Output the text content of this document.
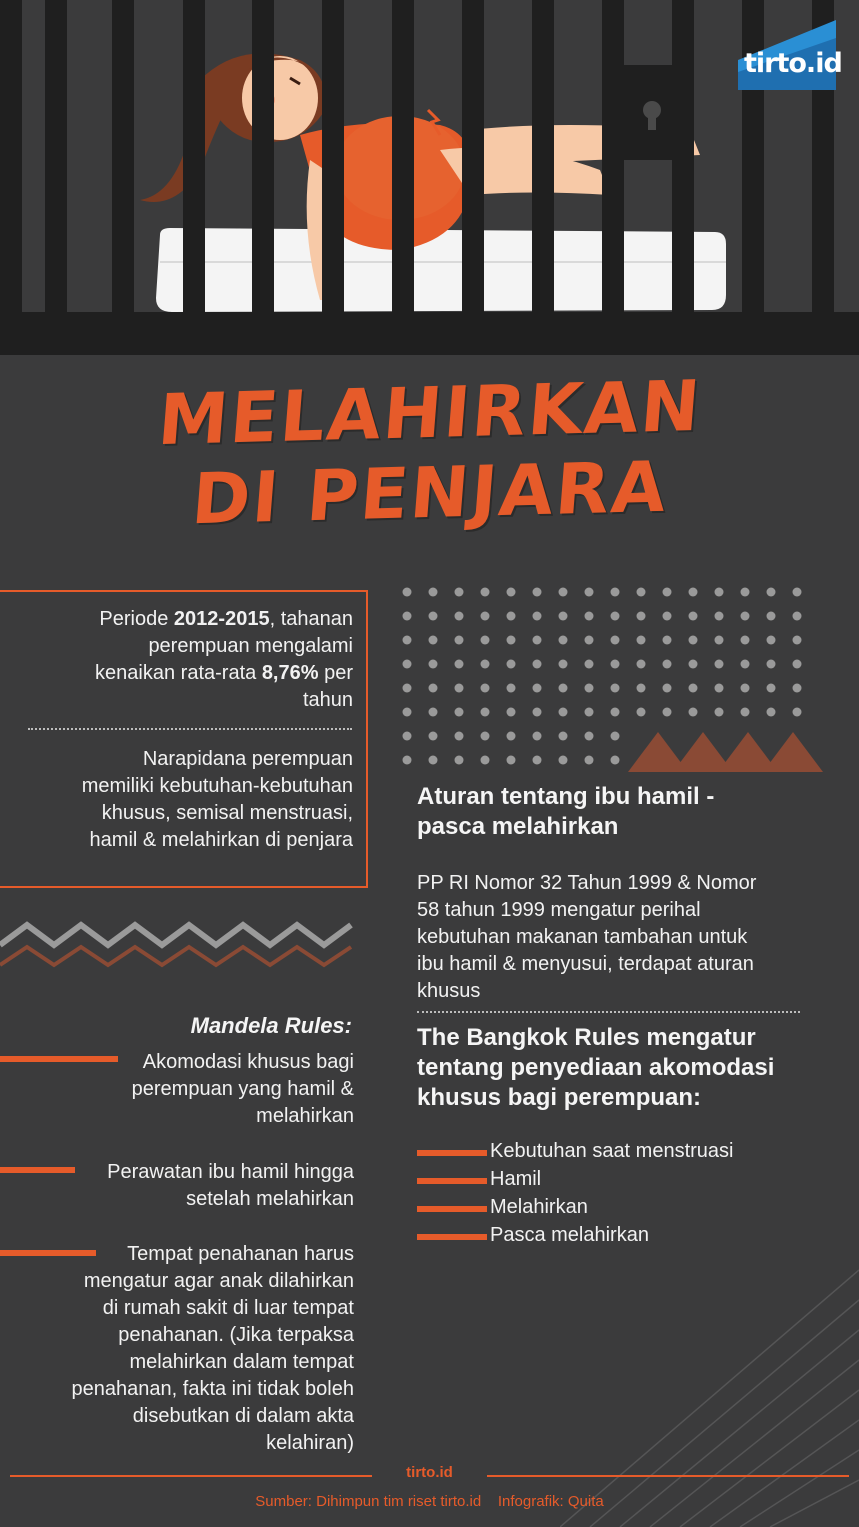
tirto.id
MELAHIRKAN
DI PENJARA
Periode 2012-2015, tahanan
perempuan mengalami
kenaikan rata-rata 8,76% per
tahun
Narapidana perempuan
memiliki kebutuhan-kebutuhan
khusus, semisal menstruasi,
hamil & melahirkan di penjara
Mandela Rules:
Akomodasi khusus bagi
perempuan yang hamil &
melahirkan
Perawatan ibu hamil hingga
setelah melahirkan
Tempat penahanan harus
mengatur agar anak dilahirkan
di rumah sakit di luar tempat
penahanan. (Jika terpaksa
melahirkan dalam tempat
penahanan, fakta ini tidak boleh
disebutkan di dalam akta
kelahiran)
Aturan tentang ibu hamil -
pasca melahirkan
PP RI Nomor 32 Tahun 1999 & Nomor
58 tahun 1999 mengatur perihal
kebutuhan makanan tambahan untuk
ibu hamil & menyusui, terdapat aturan
khusus
The Bangkok Rules mengatur
tentang penyediaan akomodasi
khusus bagi perempuan:
Kebutuhan saat menstruasi
Hamil
Melahirkan
Pasca melahirkan
tirto.id
Sumber: Dihimpun tim riset tirto.id    Infografik: Quita
